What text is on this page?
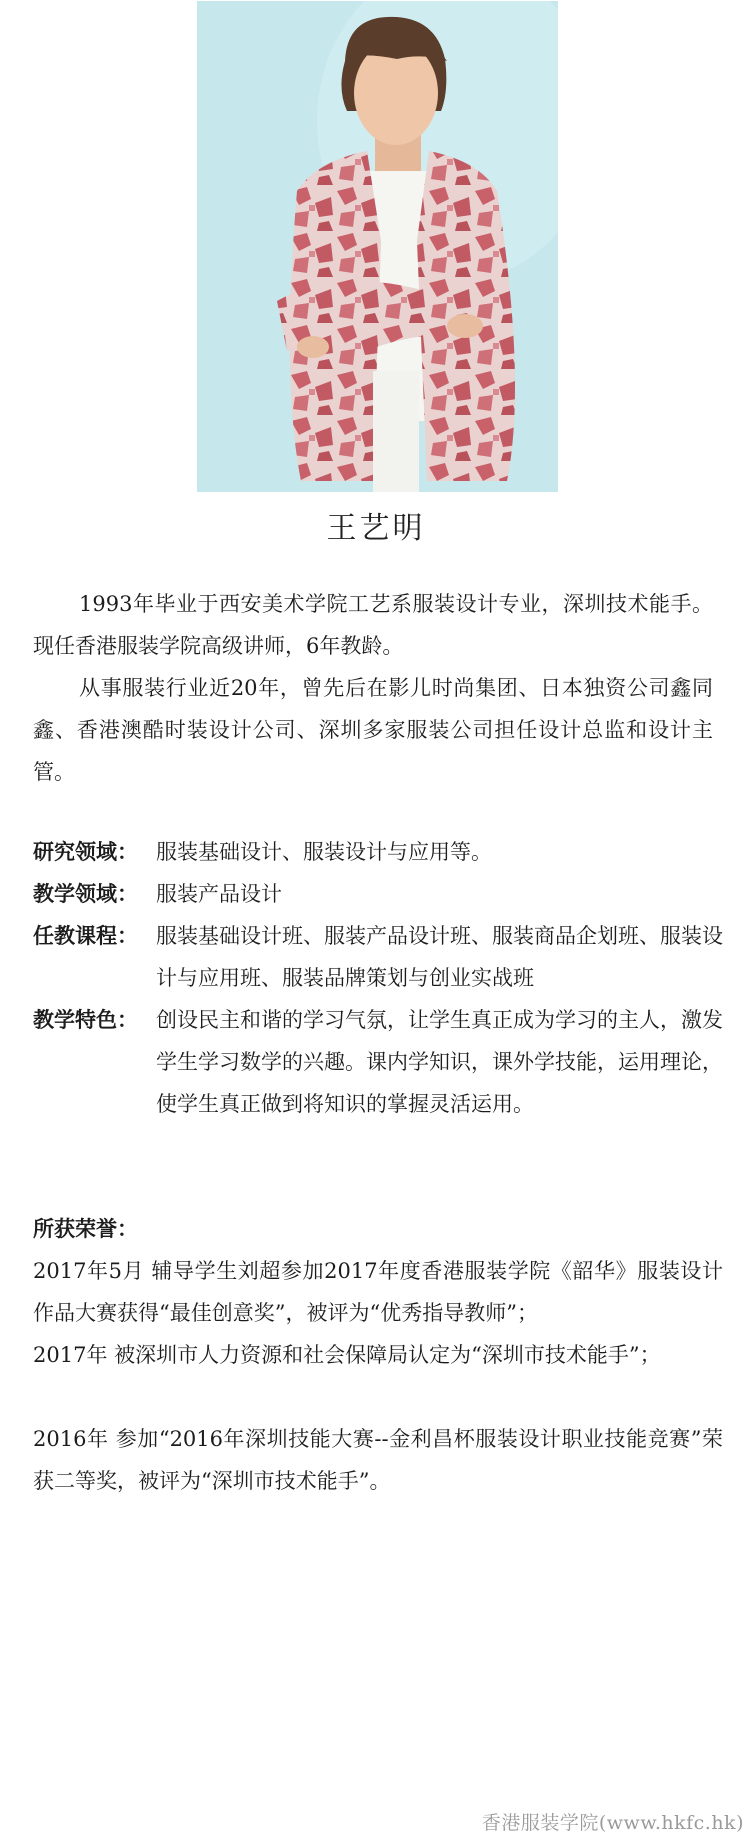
王艺明
1993年毕业于西安美术学院工艺系服装设计专业，深圳技术能手。现任香港服装学院高级讲师，6年教龄。
从事服装行业近20年，曾先后在影儿时尚集团、日本独资公司鑫同鑫、香港澳酷时装设计公司、深圳多家服装公司担任设计总监和设计主管。
研究领域： 服装基础设计、服装设计与应用等。
教学领域： 服装产品设计
任教课程： 服装基础设计班、服装产品设计班、服装商品企划班、服装设计与应用班、服装品牌策划与创业实战班
教学特色： 创设民主和谐的学习气氛，让学生真正成为学习的主人，激发学生学习数学的兴趣。课内学知识，课外学技能，运用理论，使学生真正做到将知识的掌握灵活运用。
所获荣誉：
2017年5月 辅导学生刘超参加2017年度香港服装学院《韶华》服装设计作品大赛获得“最佳创意奖”，被评为“优秀指导教师”；
2017年 被深圳市人力资源和社会保障局认定为“深圳市技术能手”；
2016年 参加“2016年深圳技能大赛--金利昌杯服装设计职业技能竞赛”荣获二等奖，被评为“深圳市技术能手”。
香港服装学院(www.hkfc.hk)
